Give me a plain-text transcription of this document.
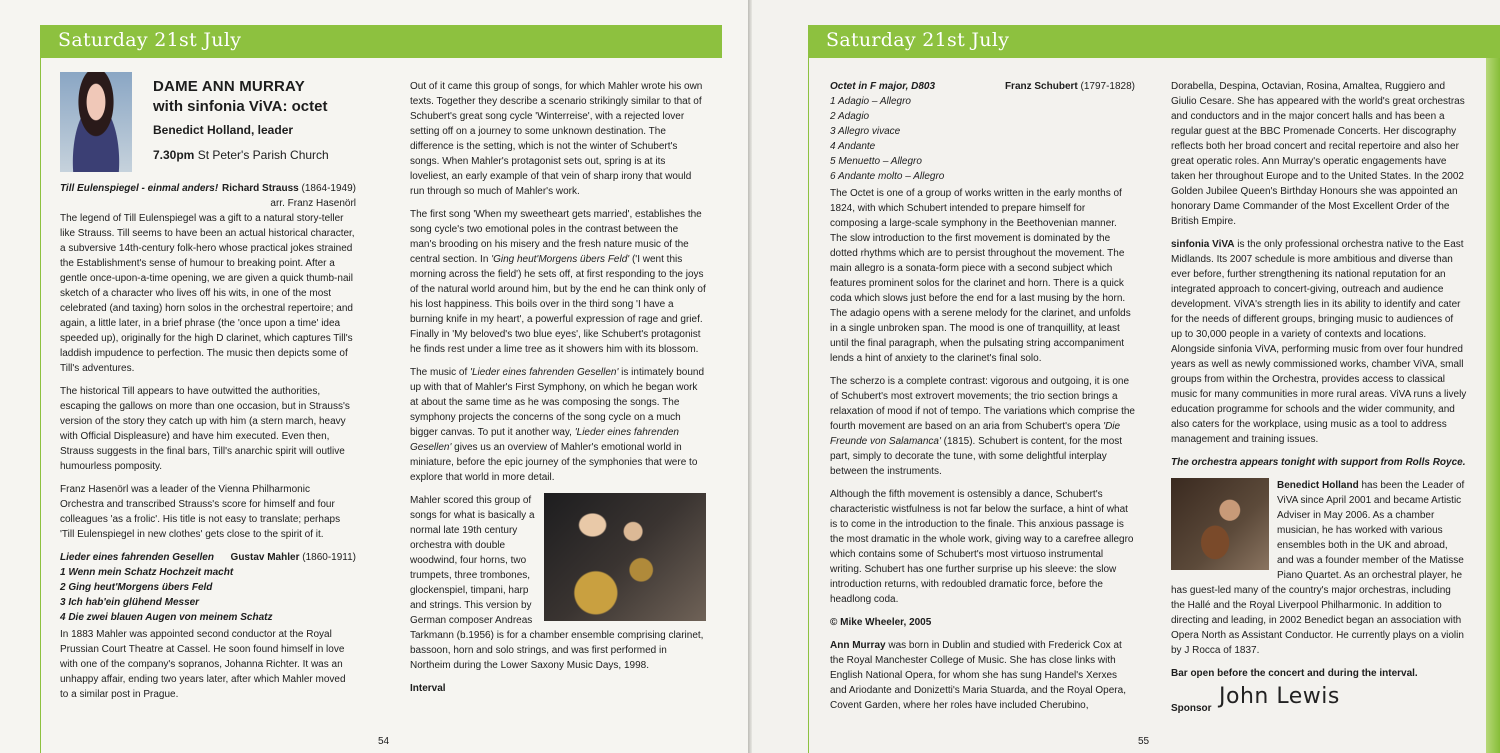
Saturday 21st July
DAME ANN MURRAY
with sinfonia ViVA: octet
Benedict Holland, leader
7.30pm St Peter's Parish Church
Till Eulenspiegel - einmal anders! Richard Strauss (1864-1949)
arr. Franz Hasenörl

The legend of Till Eulenspiegel was a gift to a natural story-teller like Strauss. Till seems to have been an actual historical character, a subversive 14th-century folk-hero whose practical jokes strained the Establishment's sense of humour to breaking point. After a gentle once-upon-a-time opening, we are given a quick thumb-nail sketch of a character who lives off his wits, in one of the most celebrated (and taxing) horn solos in the orchestral repertoire; and again, a little later, in a brief phrase (the 'once upon a time' idea speeded up), originally for the high D clarinet, which captures Till's laddish impudence to perfection. The music then depicts some of Till's adventures.

The historical Till appears to have outwitted the authorities, escaping the gallows on more than one occasion, but in Strauss's version of the story they catch up with him (a stern march, heavy with Official Displeasure) and have him executed. Even then, Strauss suggests in the final bars, Till's anarchic spirit will outlive humourless pomposity.

Franz Hasenörl was a leader of the Vienna Philharmonic Orchestra and transcribed Strauss's score for himself and four colleagues 'as a frolic'. His title is not easy to translate; perhaps 'Till Eulenspiegel in new clothes' gets close to the spirit of it.

Lieder eines fahrenden Gesellen Gustav Mahler (1860-1911)
1 Wenn mein Schatz Hochzeit macht
2 Ging heut'Morgens übers Feld
3 Ich hab'ein glühend Messer
4 Die zwei blauen Augen von meinem Schatz

In 1883 Mahler was appointed second conductor at the Royal Prussian Court Theatre at Cassel. He soon found himself in love with one of the company's sopranos, Johanna Richter. It was an unhappy affair, ending two years later, after which Mahler moved to a similar post in Prague.

Out of it came this group of songs, for which Mahler wrote his own texts. Together they describe a scenario strikingly similar to that of Schubert's great song cycle 'Winterreise', with a rejected lover setting off on a journey to some unknown destination. The difference is the setting, which is not the winter of Schubert's songs. When Mahler's protagonist sets out, spring is at its loveliest, an early example of that vein of sharp irony that would run through so much of Mahler's work.

The first song 'When my sweetheart gets married', establishes the song cycle's two emotional poles in the contrast between the man's brooding on his misery and the fresh nature music of the central section. In 'Ging heut'Morgens übers Feld' ('I went this morning across the field') he sets off, at first responding to the joys of the natural world around him, but by the end he can think only of his lost happiness. This boils over in the third song 'I have a burning knife in my heart', a powerful expression of rage and grief. Finally in 'My beloved's two blue eyes', like Schubert's protagonist he finds rest under a lime tree as it showers him with its blossom.

The music of 'Lieder eines fahrenden Gesellen' is intimately bound up with that of Mahler's First Symphony, on which he began work at about the same time as he was composing the songs. The symphony projects the concerns of the song cycle on a much bigger canvas. To put it another way, 'Lieder eines fahrenden Gesellen' gives us an overview of Mahler's emotional world in miniature, before the epic journey of the symphonies that were to explore that world in more detail.

Mahler scored this group of songs for what is basically a normal late 19th century orchestra with double woodwind, four horns, two trumpets, three trombones, glockenspiel, timpani, harp and strings. This version by German composer Andreas Tarkmann (b.1956) is for a chamber ensemble comprising clarinet, bassoon, horn and solo strings, and was first performed in Northeim during the Lower Saxony Music Days, 1998.

Interval

54
Saturday 21st July
Octet in F major, D803	Franz Schubert (1797-1828)
1 Adagio – Allegro
2 Adagio
3 Allegro vivace
4 Andante
5 Menuetto – Allegro
6 Andante molto – Allegro

The Octet is one of a group of works written in the early months of 1824, with which Schubert intended to prepare himself for composing a large-scale symphony in the Beethovenian manner. The slow introduction to the first movement is dominated by the dotted rhythms which are to persist throughout the movement. The main allegro is a sonata-form piece with a second subject which features prominent solos for the clarinet and horn. There is a quick coda which slows just before the end for a last musing by the horn. The adagio opens with a serene melody for the clarinet, and unfolds in a single unbroken span. The mood is one of tranquillity, at least until the final paragraph, when the pulsating string accompaniment lends a hint of anxiety to the clarinet's final solo.

The scherzo is a complete contrast: vigorous and outgoing, it is one of Schubert's most extrovert movements; the trio section brings a relaxation of mood if not of tempo. The variations which comprise the fourth movement are based on an aria from Schubert's opera 'Die Freunde von Salamanca' (1815). Schubert is content, for the most part, simply to decorate the tune, with some delightful interplay between the instruments.

Although the fifth movement is ostensibly a dance, Schubert's characteristic wistfulness is not far below the surface, a hint of what is to come in the introduction to the finale. This anxious passage is the most dramatic in the whole work, giving way to a carefree allegro which contains some of Schubert's most virtuoso instrumental writing. Schubert has one further surprise up his sleeve: the slow introduction returns, with redoubled dramatic force, before the headlong coda.

© Mike Wheeler, 2005

Ann Murray was born in Dublin and studied with Frederick Cox at the Royal Manchester College of Music. She has close links with English National Opera, for whom she has sung Handel's Xerxes and Ariodante and Donizetti's Maria Stuarda, and the Royal Opera, Covent Garden, where her roles have included Cherubino,

Dorabella, Despina, Octavian, Rosina, Amaltea, Ruggiero and Giulio Cesare. She has appeared with the world's great orchestras and conductors and in the major concert halls and has been a regular guest at the BBC Promenade Concerts. Her discography reflects both her broad concert and recital repertoire and also her great operatic roles. Ann Murray's operatic engagements have taken her throughout Europe and to the United States. In the 2002 Golden Jubilee Queen's Birthday Honours she was appointed an honorary Dame Commander of the Most Excellent Order of the British Empire.

sinfonia ViVA is the only professional orchestra native to the East Midlands. Its 2007 schedule is more ambitious and diverse than ever before, further strengthening its national reputation for an integrated approach to concert-giving, outreach and audience development. ViVA's strength lies in its ability to identify and cater for the needs of different groups, bringing music to audiences of up to 30,000 people in a variety of contexts and locations. Alongside sinfonia ViVA, performing music from over four hundred years as well as newly commissioned works, chamber ViVA, small groups from within the Orchestra, provides access to classical music for many communities in more rural areas. ViVA runs a lively education programme for schools and the wider community, and also caters for the workplace, using music as a tool to address management and training issues.

The orchestra appears tonight with support from Rolls Royce.

Benedict Holland has been the Leader of ViVA since April 2001 and became Artistic Adviser in May 2006. As a chamber musician, he has worked with various ensembles both in the UK and abroad, and was a founder member of the Matisse Piano Quartet. As an orchestral player, he has guest-led many of the country's major orchestras, including the Hallé and the Royal Liverpool Philharmonic. In addition to directing and leading, in 2002 Benedict began an association with Opera North as Assistant Conductor. He currently plays on a violin by J Rocca of 1837.

Bar open before the concert and during the interval.

Sponsor John Lewis
55
